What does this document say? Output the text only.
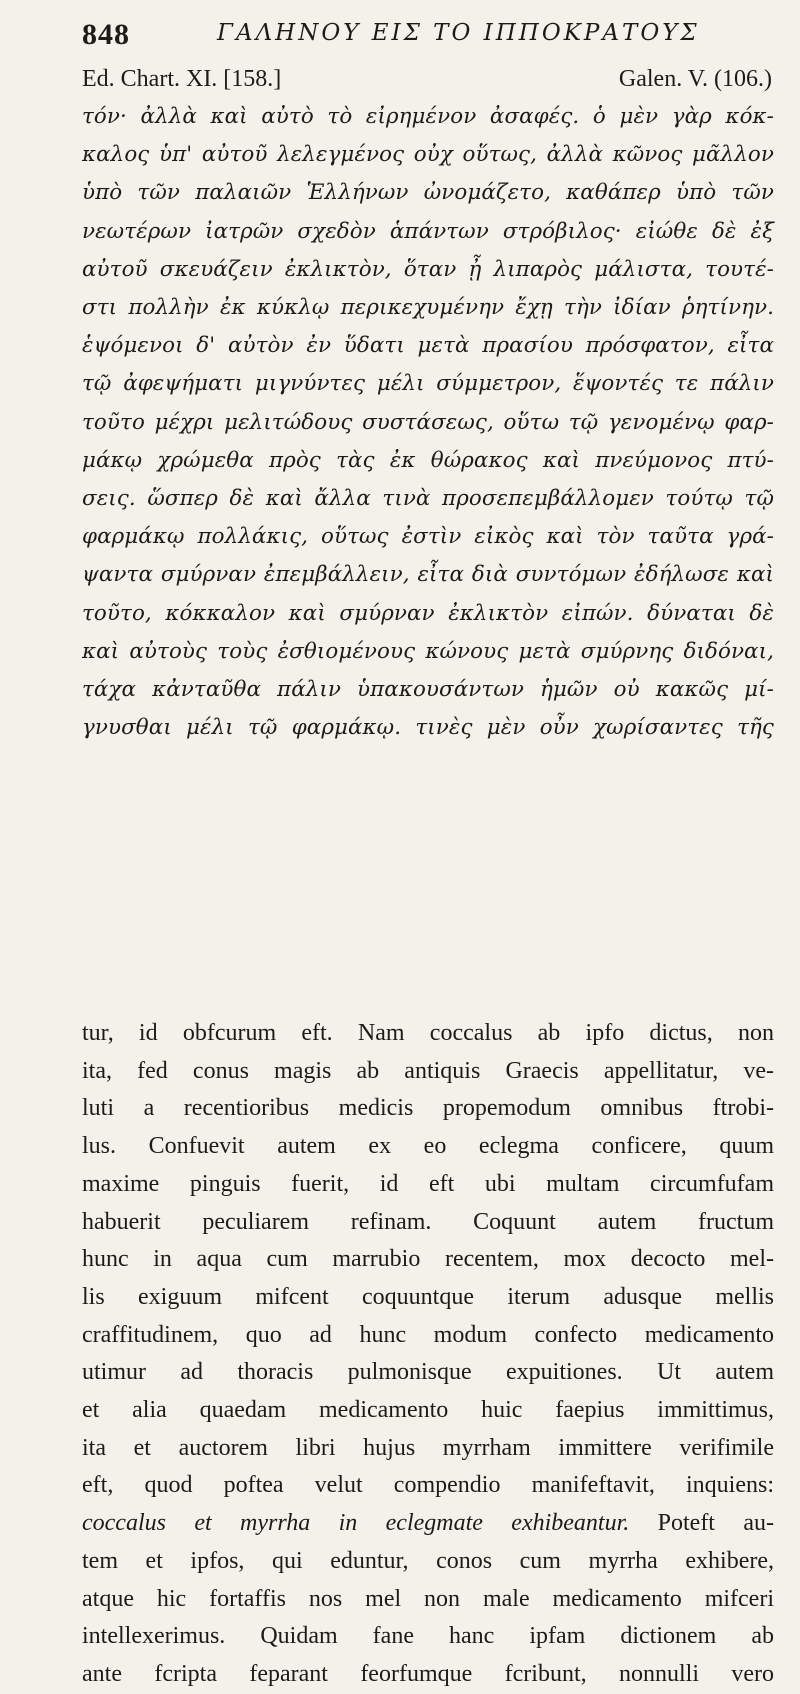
848	ΓΑΛΗΝΟΥ ΕΙΣ ΤΟ ΙΠΠΟΚΡΑΤΟΥΣ
Ed. Chart. XI. [158.]	Galen. V. (106.)
τόν· ἀλλὰ καὶ αὐτὸ τὸ εἰρημένον ἀσαφές. ὁ μὲν γὰρ κόκ-
καλος ὑπ' αὐτοῦ λελεγμένος οὐχ οὕτως, ἀλλὰ κῶνος μᾶλλον
ὑπὸ τῶν παλαιῶν Ἑλλήνων ὠνομάζετο, καθάπερ ὑπὸ τῶν
νεωτέρων ἰατρῶν σχεδὸν ἁπάντων στρόβιλος· εἰώθε δὲ ἐξ
αὐτοῦ σκευάζειν ἐκλικτὸν, ὅταν ᾖ λιπαρὸς μάλιστα, τουτέ-
στι πολλὴν ἐκ κύκλῳ περικεχυμένην ἔχῃ τὴν ἰδίαν ῥητίνην.
ἑψόμενοι δ' αὐτὸν ἐν ὕδατι μετὰ πρασίου πρόσφατον, εἶτα
τῷ ἀφεψήματι μιγνύντες μέλι σύμμετρον, ἕψοντές τε πάλιν
τοῦτο μέχρι μελιτώδους συστάσεως, οὕτω τῷ γενομένῳ φαρ-
μάκῳ χρώμεθα πρὸς τὰς ἐκ θώρακος καὶ πνεύμονος πτύ-
σεις. ὥσπερ δὲ καὶ ἄλλα τινὰ προσεπεμβάλλομεν τούτῳ τῷ
φαρμάκῳ πολλάκις, οὕτως ἐστὶν εἰκὸς καὶ τὸν ταῦτα γρά-
ψαντα σμύρναν ἐπεμβάλλειν, εἶτα διὰ συντόμων ἐδήλωσε καὶ
τοῦτο, κόκκαλον καὶ σμύρναν ἐκλικτὸν εἰπών. δύναται δὲ
καὶ αὐτοὺς τοὺς ἐσθιομένους κώνους μετὰ σμύρνης διδόναι,
τάχα κἀνταῦθα πάλιν ὑπακουσάντων ἡμῶν οὐ κακῶς μί-
γνυσθαι μέλι τῷ φαρμάκῳ. τινὲς μὲν οὖν χωρίσαντες τῆς
tur, id obfcurum eft. Nam coccalus ab ipfo dictus, non
ita, fed conus magis ab antiquis Graecis appellitatur, ve-
luti a recentioribus medicis propemodum omnibus ftrobi-
lus. Confuevit autem ex eo eclegma conficere, quum
maxime pinguis fuerit, id eft ubi multam circumfufam
habuerit peculiarem refinam. Coquunt autem fructum
hunc in aqua cum marrubio recentem, mox decocto mel-
lis exiguum mifcent coquuntque iterum adusque mellis
craffitudinem, quo ad hunc modum confecto medicamento
utimur ad thoracis pulmonisque expuitiones. Ut autem
et alia quaedam medicamento huic faepius immittimus,
ita et auctorem libri hujus myrrham immittere verifimile
eft, quod poftea velut compendio manifeftavit, inquiens:
coccalus et myrrha in eclegmate exhibeantur. Poteft au-
tem et ipfos, qui eduntur, conos cum myrrha exhibere,
atque hic fortaffis nos mel non male medicamento mifceri
intellexerimus. Quidam fane hanc ipfam dictionem ab
ante fcripta feparant feorfumque fcribunt, nonnulli vero
